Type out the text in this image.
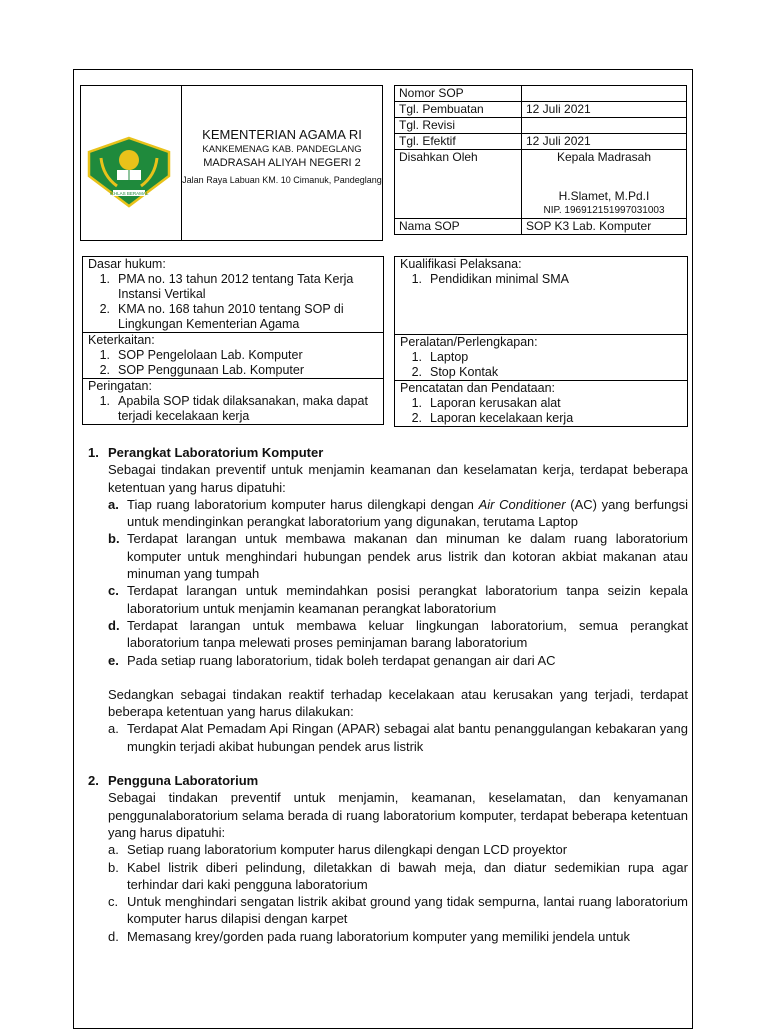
IKHLAS BERAMAL
KEMENTERIAN AGAMA RI
KANKEMENAG KAB. PANDEGLANG
MADRASAH ALIYAH NEGERI 2
Jalan Raya Labuan KM. 10 Cimanuk, Pandeglang
Nomor SOP	
Tgl. Pembuatan	12 Juli 2021
Tgl. Revisi	
Tgl. Efektif	12 Juli 2021
Disahkan Oleh	Kepala Madrasah
H.Slamet, M.Pd.I
NIP. 196912151997031003

Nama SOP	SOP K3 Lab. Komputer
Dasar hukum:
1. PMA no. 13 tahun 2012 tentang Tata Kerja Instansi Vertikal
2. KMA no. 168 tahun 2010 tentang SOP di Lingkungan Kementerian Agama
Keterkaitan:
1. SOP Pengelolaan Lab. Komputer
2. SOP Penggunaan Lab. Komputer
Peringatan:
1. Apabila SOP tidak dilaksanakan, maka dapat terjadi kecelakaan kerja
Kualifikasi Pelaksana:
1. Pendidikan minimal SMA
Peralatan/Perlengkapan:
1. Laptop
2. Stop Kontak
Pencatatan dan Pendataan:
1. Laporan kerusakan alat
2. Laporan kecelakaan kerja
1. Perangkat Laboratorium Komputer
Sebagai tindakan preventif untuk menjamin keamanan dan keselamatan kerja, terdapat beberapa ketentuan yang harus dipatuhi:
a. Tiap ruang laboratorium komputer harus dilengkapi dengan Air Conditioner (AC) yang berfungsi untuk mendinginkan perangkat laboratorium yang digunakan, terutama Laptop
b. Terdapat larangan untuk membawa makanan dan minuman ke dalam ruang laboratorium komputer untuk menghindari hubungan pendek arus listrik dan kotoran akbiat makanan atau minuman yang tumpah
c. Terdapat larangan untuk memindahkan posisi perangkat laboratorium tanpa seizin kepala laboratorium untuk menjamin keamanan perangkat laboratorium
d. Terdapat larangan untuk membawa keluar lingkungan laboratorium, semua perangkat laboratorium tanpa melewati proses peminjaman barang laboratorium
e. Pada setiap ruang laboratorium, tidak boleh terdapat genangan air dari AC
Sedangkan sebagai tindakan reaktif terhadap kecelakaan atau kerusakan yang terjadi, terdapat beberapa ketentuan yang harus dilakukan:
a. Terdapat Alat Pemadam Api Ringan (APAR) sebagai alat bantu penanggulangan kebakaran yang mungkin terjadi akibat hubungan pendek arus listrik
2. Pengguna Laboratorium
Sebagai tindakan preventif untuk menjamin, keamanan, keselamatan, dan kenyamanan penggunalaboratorium selama berada di ruang laboratorium komputer, terdapat beberapa ketentuan yang harus dipatuhi:
a. Setiap ruang laboratorium komputer harus dilengkapi dengan LCD proyektor
b. Kabel listrik diberi pelindung, diletakkan di bawah meja, dan diatur sedemikian rupa agar terhindar dari kaki pengguna laboratorium
c. Untuk menghindari sengatan listrik akibat ground yang tidak sempurna, lantai ruang laboratorium komputer harus dilapisi dengan karpet
d. Memasang krey/gorden pada ruang laboratorium komputer yang memiliki jendela untuk
